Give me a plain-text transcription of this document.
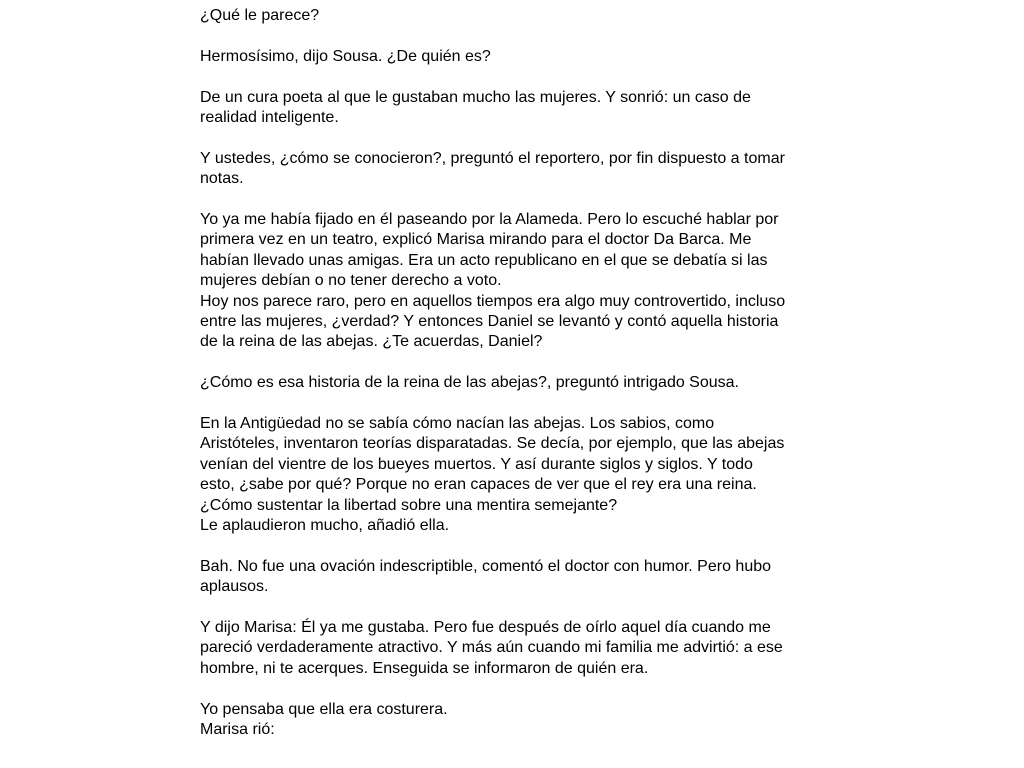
¿Qué le parece?
Hermosísimo, dijo Sousa. ¿De quién es?
De un cura poeta al que le gustaban mucho las mujeres. Y sonrió: un caso de
realidad inteligente.
Y ustedes, ¿cómo se conocieron?, preguntó el reportero, por fin dispuesto a tomar
notas.
Yo ya me había fijado en él paseando por la Alameda. Pero lo escuché hablar por
primera vez en un teatro, explicó Marisa mirando para el doctor Da Barca. Me
habían llevado unas amigas. Era un acto republicano en el que se debatía si las
mujeres debían o no tener derecho a voto.
Hoy nos parece raro, pero en aquellos tiempos era algo muy controvertido, incluso
entre las mujeres, ¿verdad? Y entonces Daniel se levantó y contó aquella historia
de la reina de las abejas. ¿Te acuerdas, Daniel?
¿Cómo es esa historia de la reina de las abejas?, preguntó intrigado Sousa.
En la Antigüedad no se sabía cómo nacían las abejas. Los sabios, como
Aristóteles, inventaron teorías disparatadas. Se decía, por ejemplo, que las abejas
venían del vientre de los bueyes muertos. Y así durante siglos y siglos. Y todo
esto, ¿sabe por qué? Porque no eran capaces de ver que el rey era una reina.
¿Cómo sustentar la libertad sobre una mentira semejante?
Le aplaudieron mucho, añadió ella.
Bah. No fue una ovación indescriptible, comentó el doctor con humor. Pero hubo
aplausos.
Y dijo Marisa: Él ya me gustaba. Pero fue después de oírlo aquel día cuando me
pareció verdaderamente atractivo. Y más aún cuando mi familia me advirtió: a ese
hombre, ni te acerques. Enseguida se informaron de quién era.
Yo pensaba que ella era costurera.
Marisa rió:
